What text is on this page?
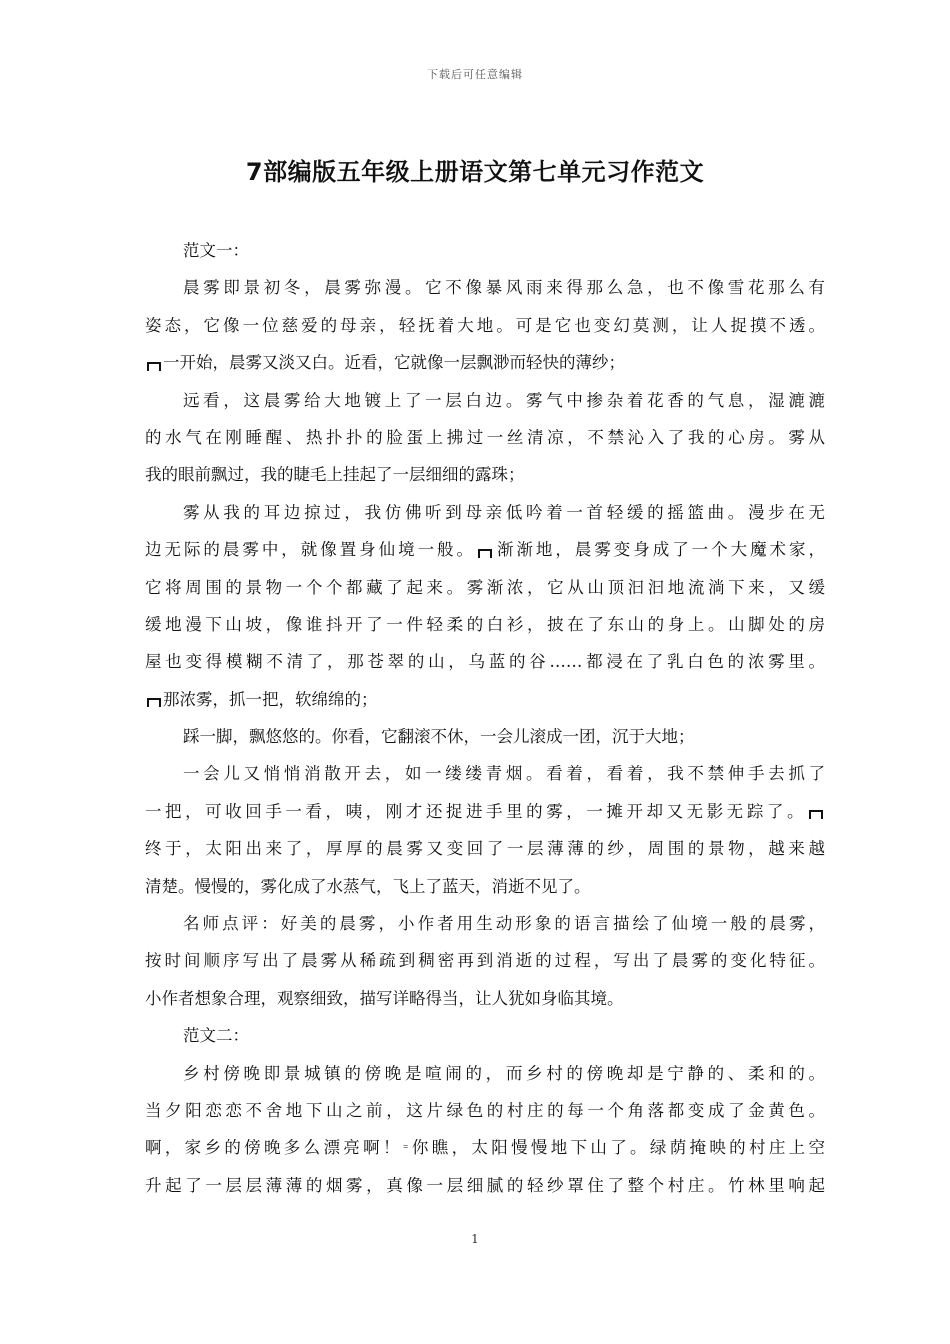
下载后可任意编辑
7部编版五年级上册语文第七单元习作范文
范文一：
晨雾即景初冬，晨雾弥漫。它不像暴风雨来得那么急，也不像雪花那么有
姿态，它像一位慈爱的母亲，轻抚着大地。可是它也变幻莫测，让人捉摸不透。
一开始，晨雾又淡又白。近看，它就像一层飘渺而轻快的薄纱；
远看，这晨雾给大地镀上了一层白边。雾气中掺杂着花香的气息，湿漉漉
的水气在刚睡醒、热扑扑的脸蛋上拂过一丝清凉，不禁沁入了我的心房。雾从
我的眼前飘过，我的睫毛上挂起了一层细细的露珠；
雾从我的耳边掠过，我仿佛听到母亲低吟着一首轻缓的摇篮曲。漫步在无
边无际的晨雾中，就像置身仙境一般。 渐渐地，晨雾变身成了一个大魔术家，
它将周围的景物一个个都藏了起来。雾渐浓，它从山顶汩汩地流淌下来，又缓
缓地漫下山坡，像谁抖开了一件轻柔的白衫，披在了东山的身上。山脚处的房
屋也变得模糊不清了，那苍翠的山，乌蓝的谷……都浸在了乳白色的浓雾里。
那浓雾，抓一把，软绵绵的；
踩一脚，飘悠悠的。你看，它翻滚不休，一会儿滚成一团，沉于大地；
一会儿又悄悄消散开去，如一缕缕青烟。看着，看着，我不禁伸手去抓了
一把，可收回手一看，咦，刚才还捉进手里的雾，一摊开却又无影无踪了。
终于，太阳出来了，厚厚的晨雾又变回了一层薄薄的纱，周围的景物，越来越
清楚。慢慢的，雾化成了水蒸气，飞上了蓝天，消逝不见了。
名师点评：好美的晨雾，小作者用生动形象的语言描绘了仙境一般的晨雾，
按时间顺序写出了晨雾从稀疏到稠密再到消逝的过程，写出了晨雾的变化特征。
小作者想象合理，观察细致，描写详略得当，让人犹如身临其境。
范文二：
乡村傍晚即景城镇的傍晚是喧闹的，而乡村的傍晚却是宁静的、柔和的。
当夕阳恋恋不舍地下山之前，这片绿色的村庄的每一个角落都变成了金黄色。
啊，家乡的傍晚多么漂亮啊！⁼你瞧，太阳慢慢地下山了。绿荫掩映的村庄上空
升起了一层层薄薄的烟雾，真像一层细腻的轻纱罩住了整个村庄。竹林里响起
1
